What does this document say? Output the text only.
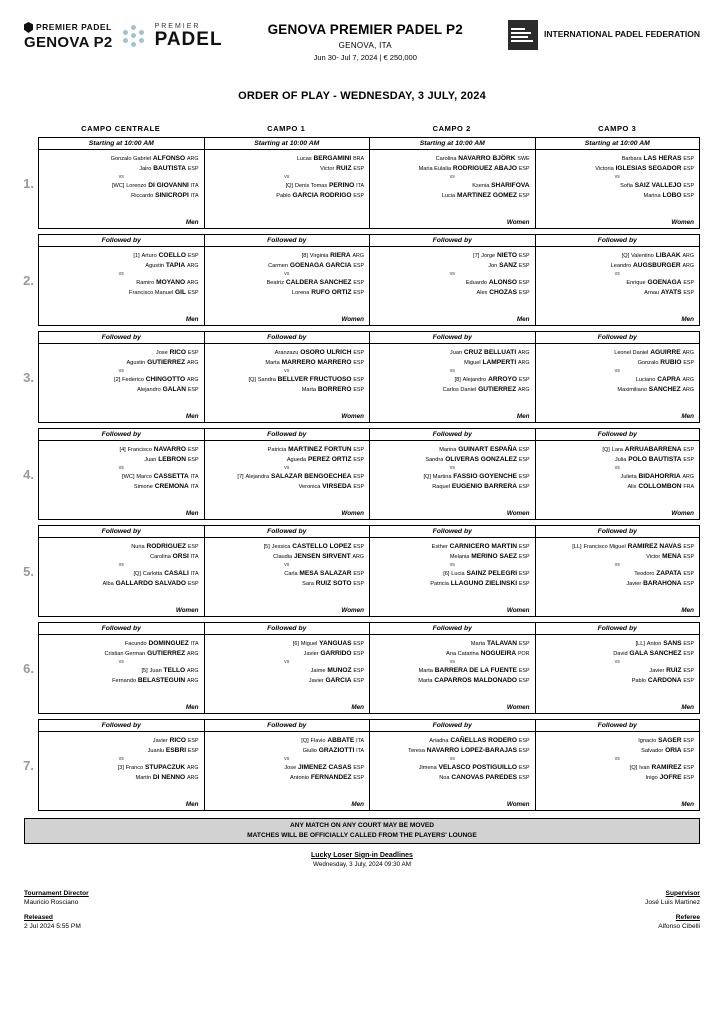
PREMIER PADEL
GENOVA P2
PREMIER
PADEL	GENOVA PREMIER PADEL P2
GENOVA, ITA
Jun 30- Jul 7, 2024 | € 250,000
INTERNATIONAL PADEL FEDERATION
ORDER OF PLAY - WEDNESDAY, 3 JULY, 2024
CAMPO CENTRALE	CAMPO 1	CAMPO 2	CAMPO 3
1.
Starting at 10:00 AM
Gonzalo Gabriel ALFONSO ARG
Jairo BAUTISTA ESP
vs
[WC] Lorenzo DI GIOVANNI ITA
Riccardo SINICROPI ITA
Men
Starting at 10:00 AM
Lucas BERGAMINI BRA
Victor RUIZ ESP
vs
[Q] Denis Tomas PERINO ITA
Pablo GARCIA RODRIGO ESP
Starting at 10:00 AM
Carolina NAVARRO BJÖRK SWE
Maria Eulalia RODRIGUEZ ABAJO ESP
vs
Ksenia SHARIFOVA
Lucia MARTINEZ GOMEZ ESP
Women
Starting at 10:00 AM
Barbara LAS HERAS ESP
Victoria IGLESIAS SEGADOR ESP
vs
Sofia SAIZ VALLEJO ESP
Marina LOBO ESP
Women
2.
Followed by
[1] Arturo COELLO ESP
Agustin TAPIA ARG
vs
Ramiro MOYANO ARG
Francisco Manuel GIL ESP
Men
Followed by
[8] Virginia RIERA ARG
Carmen GOENAGA GARCIA ESP
vs
Beatriz CALDERA SANCHEZ ESP
Lorena RUFO ORTIZ ESP
Women
Followed by
[7] Jorge NIETO ESP
Jon SANZ ESP
vs
Eduardo ALONSO ESP
Alex CHOZAS ESP
Men
Followed by
[Q] Valentino LIBAAK ARG
Leandro AUGSBURGER ARG
vs
Enrique GOENAGA ESP
Arnau AYATS ESP
Men
3.
Followed by
Jose RICO ESP
Agustin GUTIERREZ ARG
vs
[2] Federico CHINGOTTO ARG
Alejandro GALAN ESP
Men
Followed by
Aranzazu OSORO ULRICH ESP
Marta MARRERO MARRERO ESP
vs
[Q] Sandra BELLVER FRUCTUOSO ESP
Marta BORRERO ESP
Women
Followed by
Juan CRUZ BELLUATI ARG
Miguel LAMPERTI ARG
vs
[8] Alejandro ARROYO ESP
Carlos Daniel GUTIERREZ ARG
Men
Followed by
Leonel Daniel AGUIRRE ARG
Gonzalo RUBIO ESP
vs
Luciano CAPRA ARG
Maximiliano SANCHEZ ARG
Men
4.
Followed by
[4] Francisco NAVARRO ESP
Juan LEBRON ESP
vs
[WC] Marco CASSETTA ITA
Simone CREMONA ITA
Men
Followed by
Patricia MARTINEZ FORTUN ESP
Agueda PEREZ ORTIZ ESP
vs
[7] Alejandra SALAZAR BENGOECHEA ESP
Veronica VIRSEDA ESP
Women
Followed by
Marina GUINART ESPAÑA ESP
Sandra OLIVERAS GONZALEZ ESP
vs
[Q] Martina FASSIO GOYENCHE ESP
Raquel EUGENIO BARRERA ESP
Women
Followed by
[Q] Lara ARRUABARRENA ESP
Julia POLO BAUTISTA ESP
vs
Julieta BIDAHORRIA ARG
Alix COLLOMBON FRA
Women
5.
Followed by
Nuria RODRIGUEZ ESP
Carolina ORSI ITA
vs
[Q] Carlotta CASALI ITA
Alba GALLARDO SALVADO ESP
Women
Followed by
[5] Jessica CASTELLO LOPEZ ESP
Claudia JENSEN SIRVENT ARG
vs
Carla MESA SALAZAR ESP
Sara RUIZ SOTO ESP
Women
Followed by
Esther CARNICERO MARTIN ESP
Melania MERINO SAEZ ESP
vs
[6] Lucia SAINZ PELEGRI ESP
Patricia LLAGUNO ZIELINSKI ESP
Women
Followed by
[LL] Francisco Miguel RAMIREZ NAVAS ESP
Victor MENA ESP
vs
Teodoro ZAPATA ESP
Javier BARAHONA ESP
Men
6.
Followed by
Facundo DOMINGUEZ ITA
Cristian German GUTIERREZ ARG
vs
[5] Juan TELLO ARG
Fernando BELASTEGUIN ARG
Men
Followed by
[6] Miguel YANGUAS ESP
Javier GARRIDO ESP
vs
Jaime MUNOZ ESP
Javier GARCIA ESP
Men
Followed by
Marta TALAVAN ESP
Ana Catarina NOGUEIRA POR
vs
Marta BARRERA DE LA FUENTE ESP
Marta CAPARROS MALDONADO ESP
Women
Followed by
[LL] Anton SANS ESP
David GALA SANCHEZ ESP
vs
Javier RUIZ ESP
Pablo CARDONA ESP
Men
7.
Followed by
Javier RICO ESP
Juanlu ESBRI ESP
vs
[3] Franco STUPACZUK ARG
Martin DI NENNO ARG
Men
Followed by
[Q] Flavio ABBATE ITA
Giulio GRAZIOTTI ITA
vs
Jose JIMENEZ CASAS ESP
Antonio FERNANDEZ ESP
Men
Followed by
Ariadna CAÑELLAS RODERO ESP
Teresa NAVARRO LOPEZ-BARAJAS ESP
vs
Jimena VELASCO POSTIGUILLO ESP
Noa CANOVAS PAREDES ESP
Women
Followed by
Ignacio SAGER ESP
Salvador ORIA ESP
vs
[Q] Ivan RAMIREZ ESP
Inigo JOFRE ESP
Men
ANY MATCH ON ANY COURT MAY BE MOVED
MATCHES WILL BE OFFICIALLY CALLED FROM THE PLAYERS' LOUNGE
Lucky Loser Sign-in Deadlines
Wednesday, 3 July, 2024 09:30 AM
Tournament Director
Mauricio Rosciano
Released
2 Jul 2024 5:55 PM
Supervisor
José Luis Martinez
Referee
Alfonso Cibelli
